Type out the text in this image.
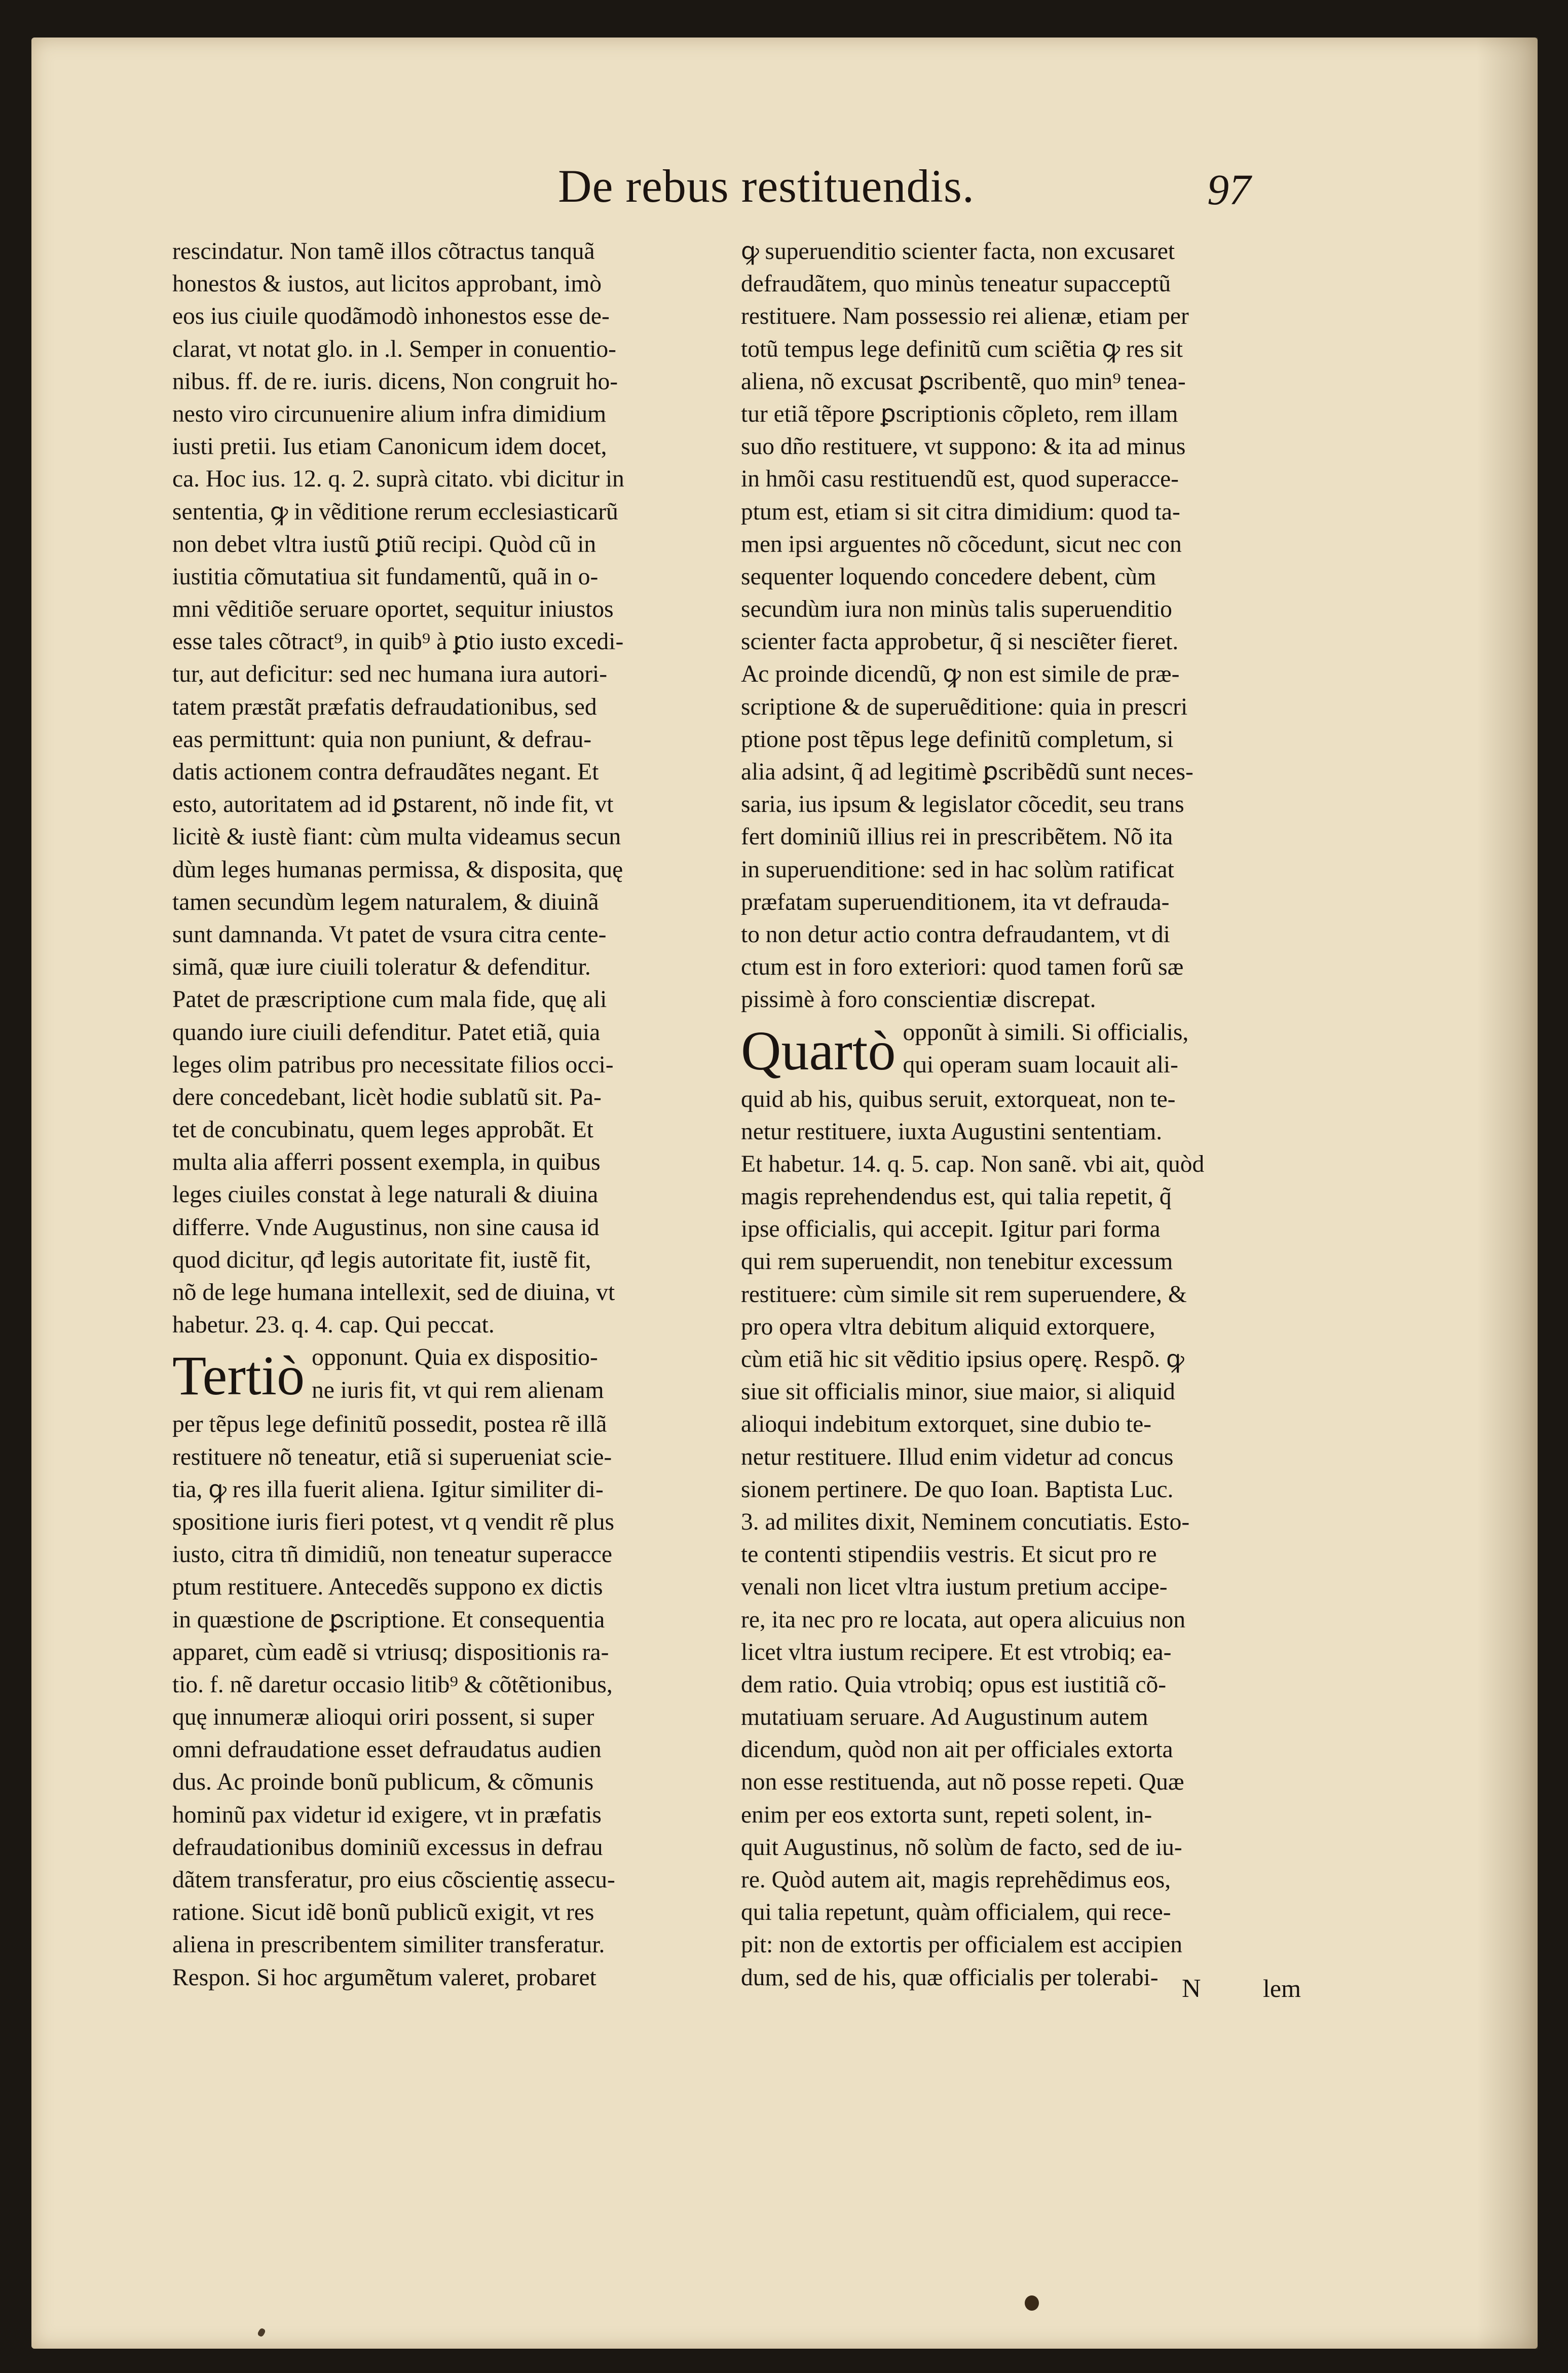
De rebus restituendis.	97
rescindatur. Non tamẽ illos cõtractus tanquã
honestos & iustos, aut licitos approbant, imò
eos ius ciuile quodãmodò inhonestos esse de-
clarat, vt notat glo. in .l. Semper in conuentio-
nibus. ff. de re. iuris. dicens, Non congruit ho-
nesto viro circunuenire alium infra dimidium
iusti pretii. Ius etiam Canonicum idem docet,
ca. Hoc ius. 12. q. 2. suprà citato. vbi dicitur in
sententia, ꝙ in vẽditione rerum ecclesiasticarũ
non debet vltra iustũ ꝑtiũ recipi. Quòd cũ in
iustitia cõmutatiua sit fundamentũ, quã in o-
mni vẽditiõe seruare oportet, sequitur iniustos
esse tales cõtract⁹, in quib⁹ à ꝑtio iusto excedi-
tur, aut deficitur: sed nec humana iura autori-
tatem præstãt præfatis defraudationibus, sed
eas permittunt: quia non puniunt, & defrau-
datis actionem contra defraudãtes negant. Et
esto, autoritatem ad id ꝑstarent, nõ inde fit, vt
licitè & iustè fiant: cùm multa videamus secun
dùm leges humanas permissa, & disposita, quę
tamen secundùm legem naturalem, & diuinã
sunt damnanda. Vt patet de vsura citra cente-
simã, quæ iure ciuili toleratur & defenditur.
Patet de præscriptione cum mala fide, quę ali
quando iure ciuili defenditur. Patet etiã, quia
leges olim patribus pro necessitate filios occi-
dere concedebant, licèt hodie sublatũ sit. Pa-
tet de concubinatu, quem leges approbãt. Et
multa alia afferri possent exempla, in quibus
leges ciuiles constat à lege naturali & diuina
differre. Vnde Augustinus, non sine causa id
quod dicitur, qđ legis autoritate fit, iustẽ fit,
nõ de lege humana intellexit, sed de diuina, vt
habetur. 23. q. 4. cap. Qui peccat.
Tertiò opponunt. Quia ex dispositio-
ne iuris fit, vt qui rem alienam
per tẽpus lege definitũ possedit, postea rẽ illã
restituere nõ teneatur, etiã si superueniat scie-
tia, ꝙ res illa fuerit aliena. Igitur similiter di-
spositione iuris fieri potest, vt q vendit rẽ plus
iusto, citra tñ dimidiũ, non teneatur superacce
ptum restituere. Antecedẽs suppono ex dictis
in quæstione de ꝑscriptione. Et consequentia
apparet, cùm eadẽ si vtriusq; dispositionis ra-
tio. f. nẽ daretur occasio litib⁹ & cõtẽtionibus,
quę innumeræ alioqui oriri possent, si super
omni defraudatione esset defraudatus audien
dus. Ac proinde bonũ publicum, & cõmunis
hominũ pax videtur id exigere, vt in præfatis
defraudationibus dominiũ excessus in defrau
dãtem transferatur, pro eius cõscientię assecu-
ratione. Sicut idẽ bonũ publicũ exigit, vt res
aliena in prescribentem similiter transferatur.
Respon. Si hoc argumẽtum valeret, probaret
ꝙ superuenditio scienter facta, non excusaret
defraudãtem, quo minùs teneatur supacceptũ
restituere. Nam possessio rei alienæ, etiam per
totũ tempus lege definitũ cum sciẽtia ꝙ res sit
aliena, nõ excusat ꝑscribentẽ, quo min⁹ tenea-
tur etiã tẽpore ꝑscriptionis cõpleto, rem illam
suo dño restituere, vt suppono: & ita ad minus
in hmõi casu restituendũ est, quod superacce-
ptum est, etiam si sit citra dimidium: quod ta-
men ipsi arguentes nõ cõcedunt, sicut nec con
sequenter loquendo concedere debent, cùm
secundùm iura non minùs talis superuenditio
scienter facta approbetur, q̃ si nesciẽter fieret.
Ac proinde dicendũ, ꝙ non est simile de præ-
scriptione & de superuẽditione: quia in prescri
ptione post tẽpus lege definitũ completum, si
alia adsint, q̃ ad legitimè ꝑscribẽdũ sunt neces-
saria, ius ipsum & legislator cõcedit, seu trans
fert dominiũ illius rei in prescribẽtem. Nõ ita
in superuenditione: sed in hac solùm ratificat
præfatam superuenditionem, ita vt defrauda-
to non detur actio contra defraudantem, vt di
ctum est in foro exteriori: quod tamen forũ sæ
pissimè à foro conscientiæ discrepat.
Quartò opponũt à simili. Si officialis,
qui operam suam locauit ali-
quid ab his, quibus seruit, extorqueat, non te-
netur restituere, iuxta Augustini sententiam.
Et habetur. 14. q. 5. cap. Non sanẽ. vbi ait, quòd
magis reprehendendus est, qui talia repetit, q̃
ipse officialis, qui accepit. Igitur pari forma
qui rem superuendit, non tenebitur excessum
restituere: cùm simile sit rem superuendere, &
pro opera vltra debitum aliquid extorquere,
cùm etiã hic sit vẽditio ipsius operę. Respõ. ꝙ
siue sit officialis minor, siue maior, si aliquid
alioqui indebitum extorquet, sine dubio te-
netur restituere. Illud enim videtur ad concus
sionem pertinere. De quo Ioan. Baptista Luc.
3. ad milites dixit, Neminem concutiatis. Esto-
te contenti stipendiis vestris. Et sicut pro re
venali non licet vltra iustum pretium accipe-
re, ita nec pro re locata, aut opera alicuius non
licet vltra iustum recipere. Et est vtrobiq; ea-
dem ratio. Quia vtrobiq; opus est iustitiã cõ-
mutatiuam seruare. Ad Augustinum autem
dicendum, quòd non ait per officiales extorta
non esse restituenda, aut nõ posse repeti. Quæ
enim per eos extorta sunt, repeti solent, in-
quit Augustinus, nõ solùm de facto, sed de iu-
re. Quòd autem ait, magis reprehẽdimus eos,
qui talia repetunt, quàm officialem, qui rece-
pit: non de extortis per officialem est accipien
dum, sed de his, quæ officialis per tolerabi- N lem
